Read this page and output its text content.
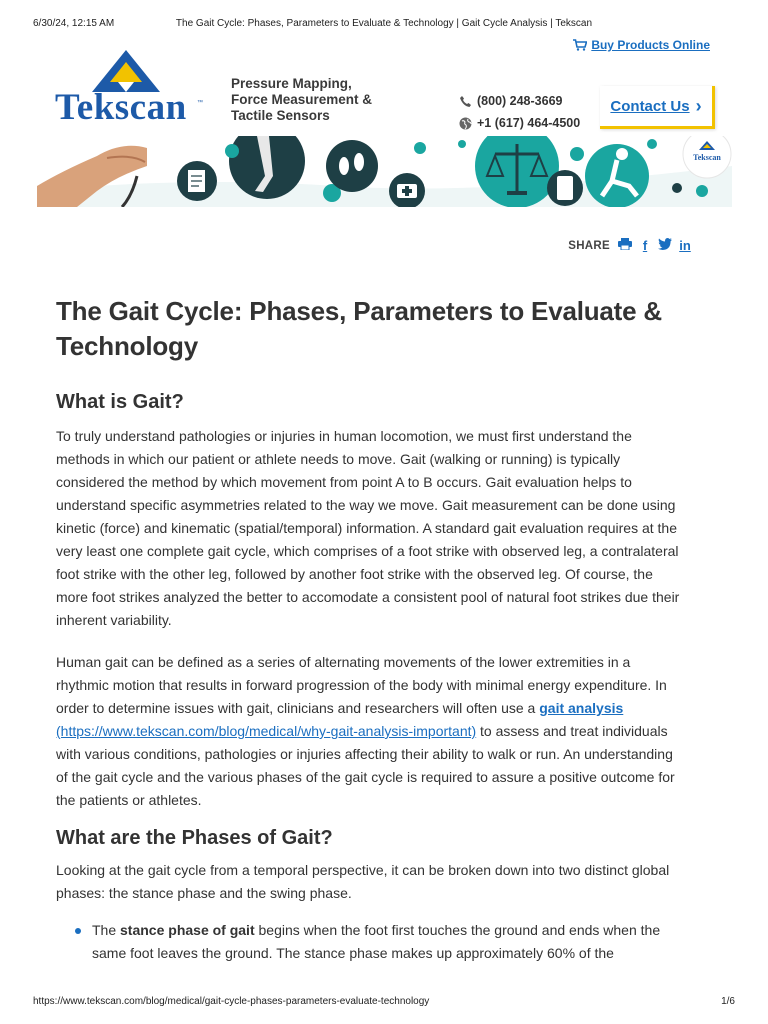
6/30/24, 12:15 AM	The Gait Cycle: Phases, Parameters to Evaluate & Technology | Gait Cycle Analysis | Tekscan
Buy Products Online
Tekscan ™
Pressure Mapping,
Force Measurement &
Tactile Sensors
(800) 248-3669
+1 (617) 464-4500
Contact Us ›
Tekscan
SHARE	f	in
The Gait Cycle: Phases, Parameters to Evaluate & Technology
What is Gait?

To truly understand pathologies or injuries in human locomotion, we must first understand the methods in which our patient or athlete needs to move. Gait (walking or running) is typically considered the method by which movement from point A to B occurs. Gait evaluation helps to understand specific asymmetries related to the way we move. Gait measurement can be done using kinetic (force) and kinematic (spatial/temporal) information. A standard gait evaluation requires at the very least one complete gait cycle, which comprises of a foot strike with observed leg, a contralateral foot strike with the other leg, followed by another foot strike with the observed leg. Of course, the more foot strikes analyzed the better to accomodate a consistent pool of natural foot strikes due their inherent variability.

Human gait can be defined as a series of alternating movements of the lower extremities in a rhythmic motion that results in forward progression of the body with minimal energy expenditure. In order to determine issues with gait, clinicians and researchers will often use a gait analysis (https://www.tekscan.com/blog/medical/why-gait-analysis-important) to assess and treat individuals with various conditions, pathologies or injuries affecting their ability to walk or run. An understanding of the gait cycle and the various phases of the gait cycle is required to assure a positive outcome for the patients or athletes.

What are the Phases of Gait?

Looking at the gait cycle from a temporal perspective, it can be broken down into two distinct global phases: the stance phase and the swing phase.

The stance phase of gait begins when the foot first touches the ground and ends when the same foot leaves the ground. The stance phase makes up approximately 60% of the
https://www.tekscan.com/blog/medical/gait-cycle-phases-parameters-evaluate-technology	1/6
